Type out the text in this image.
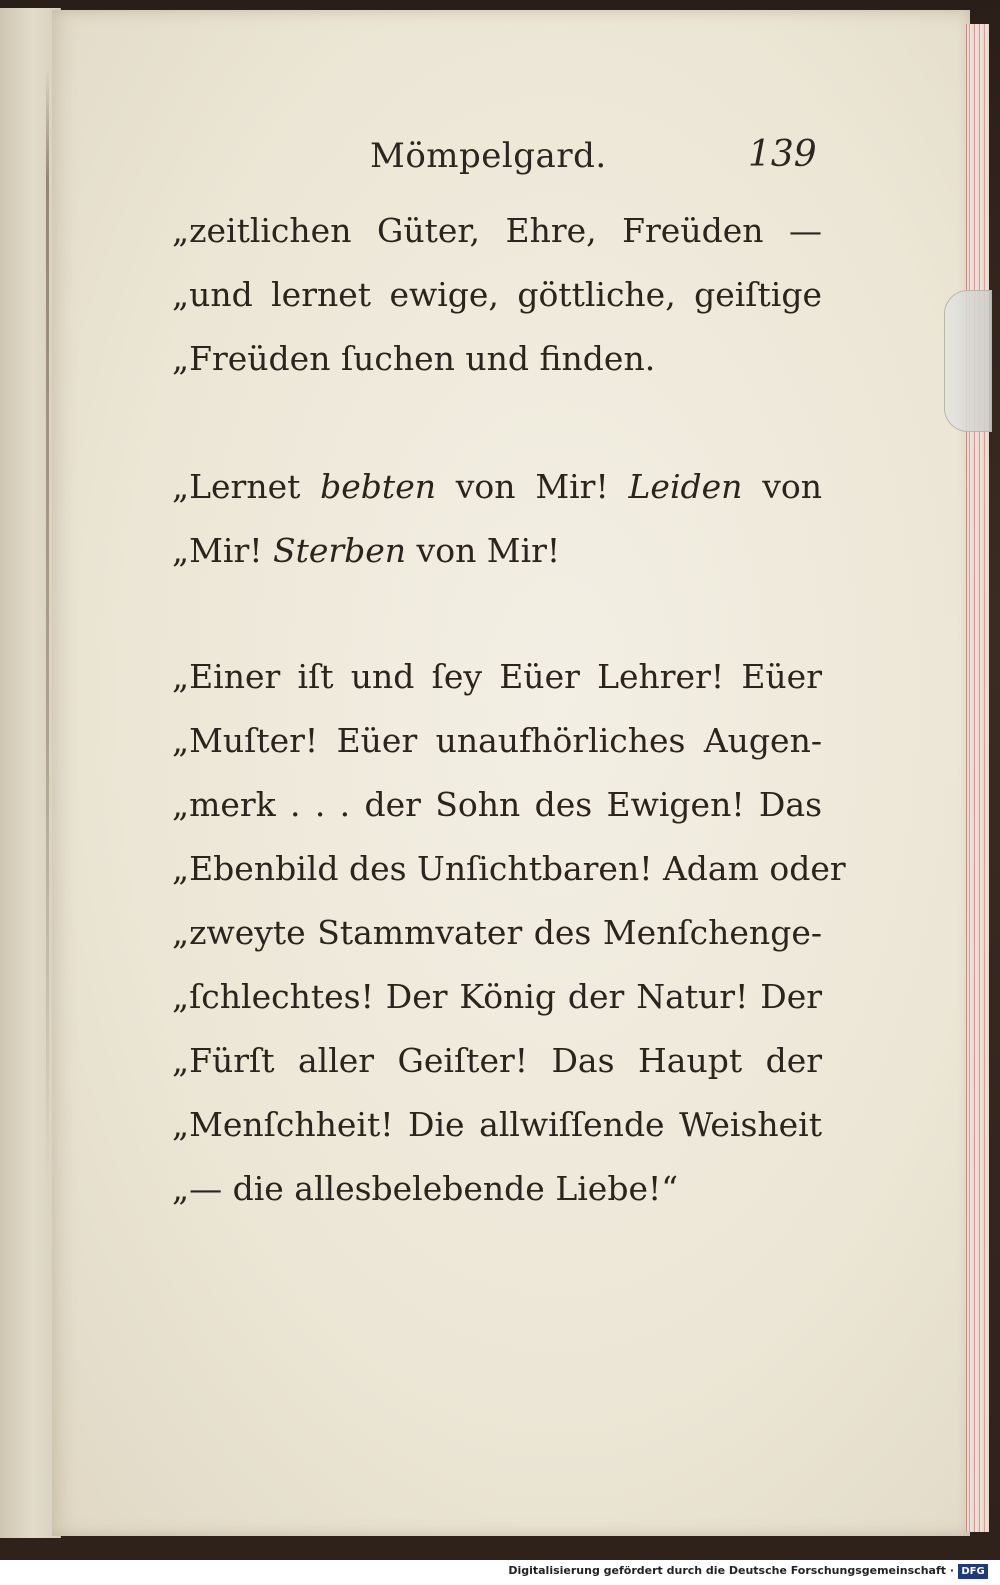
Mömpelgard.	139
„zeitlichen Güter, Ehre, Freüden —
„und lernet ewige, göttliche, geiſtige
„Freüden ſuchen und finden.
„Lernet bebten von Mir! Leiden von
„Mir! Sterben von Mir!
„Einer iſt und ſey Eüer Lehrer! Eüer
„Muſter! Eüer unaufhörliches Augen-
„merk . . . der Sohn des Ewigen! Das
„Ebenbild des Unſichtbaren! Adam oder
„zweyte Stammvater des Menſchenge-
„ſchlechtes! Der König der Natur! Der
„Fürſt aller Geiſter! Das Haupt der
„Menſchheit! Die allwiſſende Weisheit
„— die allesbelebende Liebe!“
Digitalisierung gefördert durch die Deutsche Forschungsgemeinschaft · DFG
